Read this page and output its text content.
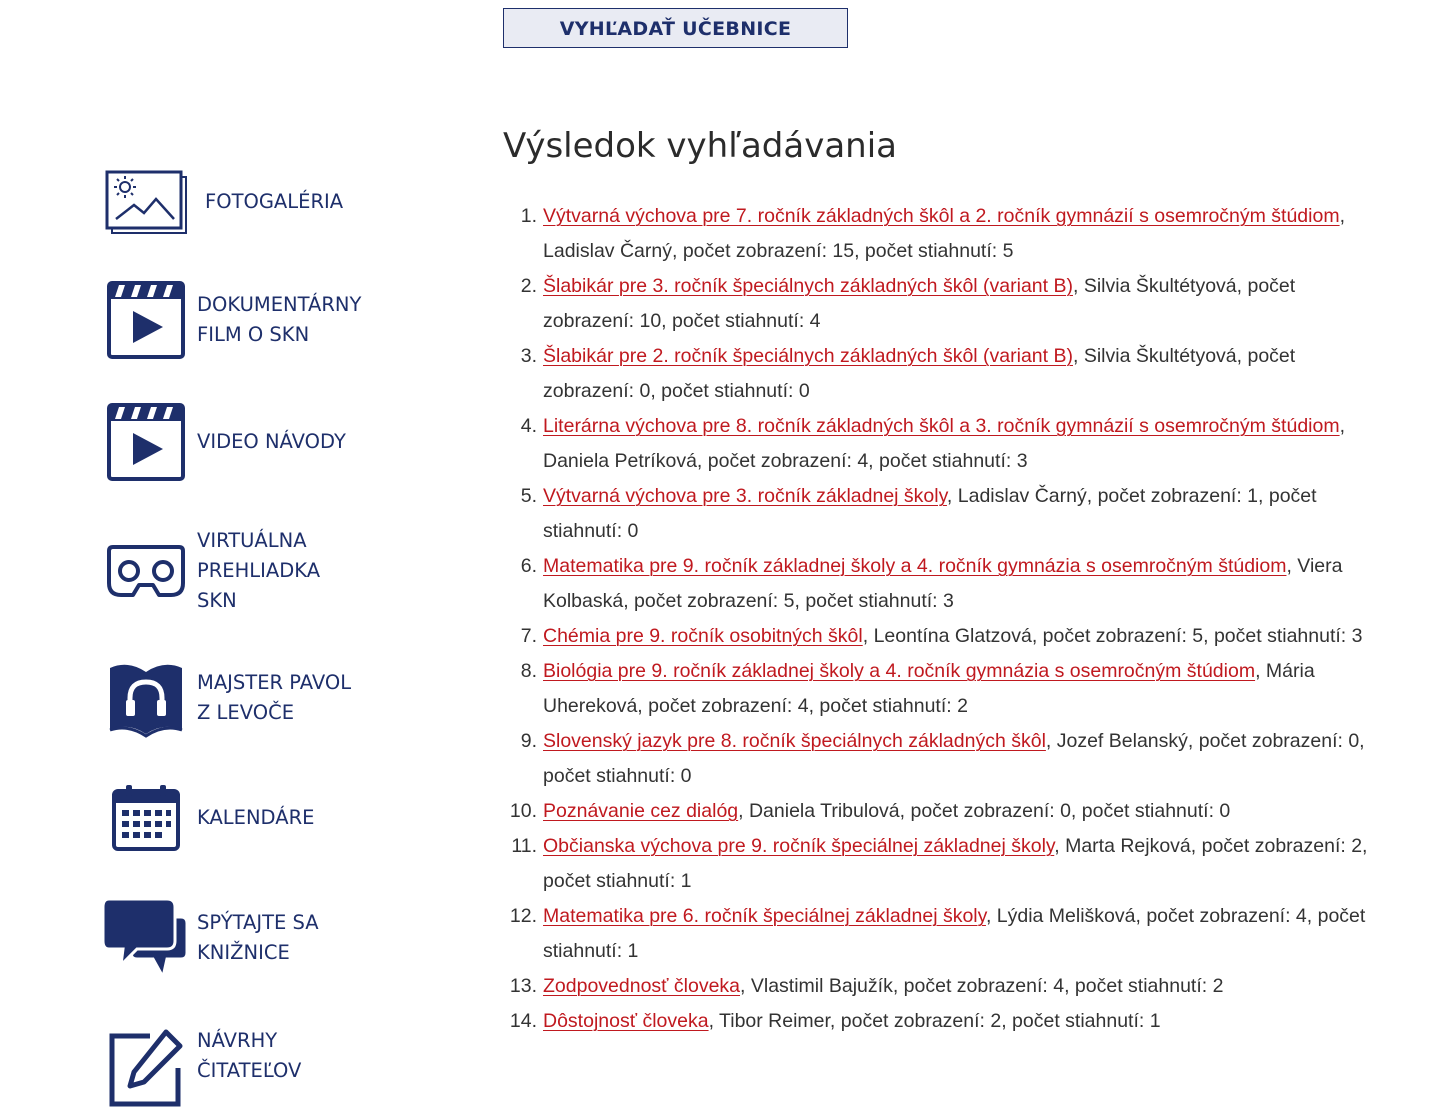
VYHĽADAŤ UČEBNICE
Výsledok vyhľadávania
FOTOGALÉRIA
DOKUMENTÁRNY
FILM O SKN
VIDEO NÁVODY
VIRTUÁLNA
PREHLIADKA
SKN
MAJSTER PAVOL
Z LEVOČE
KALENDÁRE
SPÝTAJTE SA
KNIŽNICE
NÁVRHY
ČITATEĽOV
1. Výtvarná výchova pre 7. ročník základných škôl a 2. ročník gymnázií s osemročným štúdiom, Ladislav Čarný, počet zobrazení: 15, počet stiahnutí: 5
2. Šlabikár pre 3. ročník špeciálnych základných škôl (variant B), Silvia Škultétyová, počet zobrazení: 10, počet stiahnutí: 4
3. Šlabikár pre 2. ročník špeciálnych základných škôl (variant B), Silvia Škultétyová, počet zobrazení: 0, počet stiahnutí: 0
4. Literárna výchova pre 8. ročník základných škôl a 3. ročník gymnázií s osemročným štúdiom, Daniela Petríková, počet zobrazení: 4, počet stiahnutí: 3
5. Výtvarná výchova pre 3. ročník základnej školy, Ladislav Čarný, počet zobrazení: 1, počet stiahnutí: 0
6. Matematika pre 9. ročník základnej školy a 4. ročník gymnázia s osemročným štúdiom, Viera Kolbaská, počet zobrazení: 5, počet stiahnutí: 3
7. Chémia pre 9. ročník osobitných škôl, Leontína Glatzová, počet zobrazení: 5, počet stiahnutí: 3
8. Biológia pre 9. ročník základnej školy a 4. ročník gymnázia s osemročným štúdiom, Mária Uhereková, počet zobrazení: 4, počet stiahnutí: 2
9. Slovenský jazyk pre 8. ročník špeciálnych základných škôl, Jozef Belanský, počet zobrazení: 0, počet stiahnutí: 0
10. Poznávanie cez dialóg, Daniela Tribulová, počet zobrazení: 0, počet stiahnutí: 0
11. Občianska výchova pre 9. ročník špeciálnej základnej školy, Marta Rejková, počet zobrazení: 2, počet stiahnutí: 1
12. Matematika pre 6. ročník špeciálnej základnej školy, Lýdia Melišková, počet zobrazení: 4, počet stiahnutí: 1
13. Zodpovednosť človeka, Vlastimil Bajužík, počet zobrazení: 4, počet stiahnutí: 2
14. Dôstojnosť človeka, Tibor Reimer, počet zobrazení: 2, počet stiahnutí: 1
